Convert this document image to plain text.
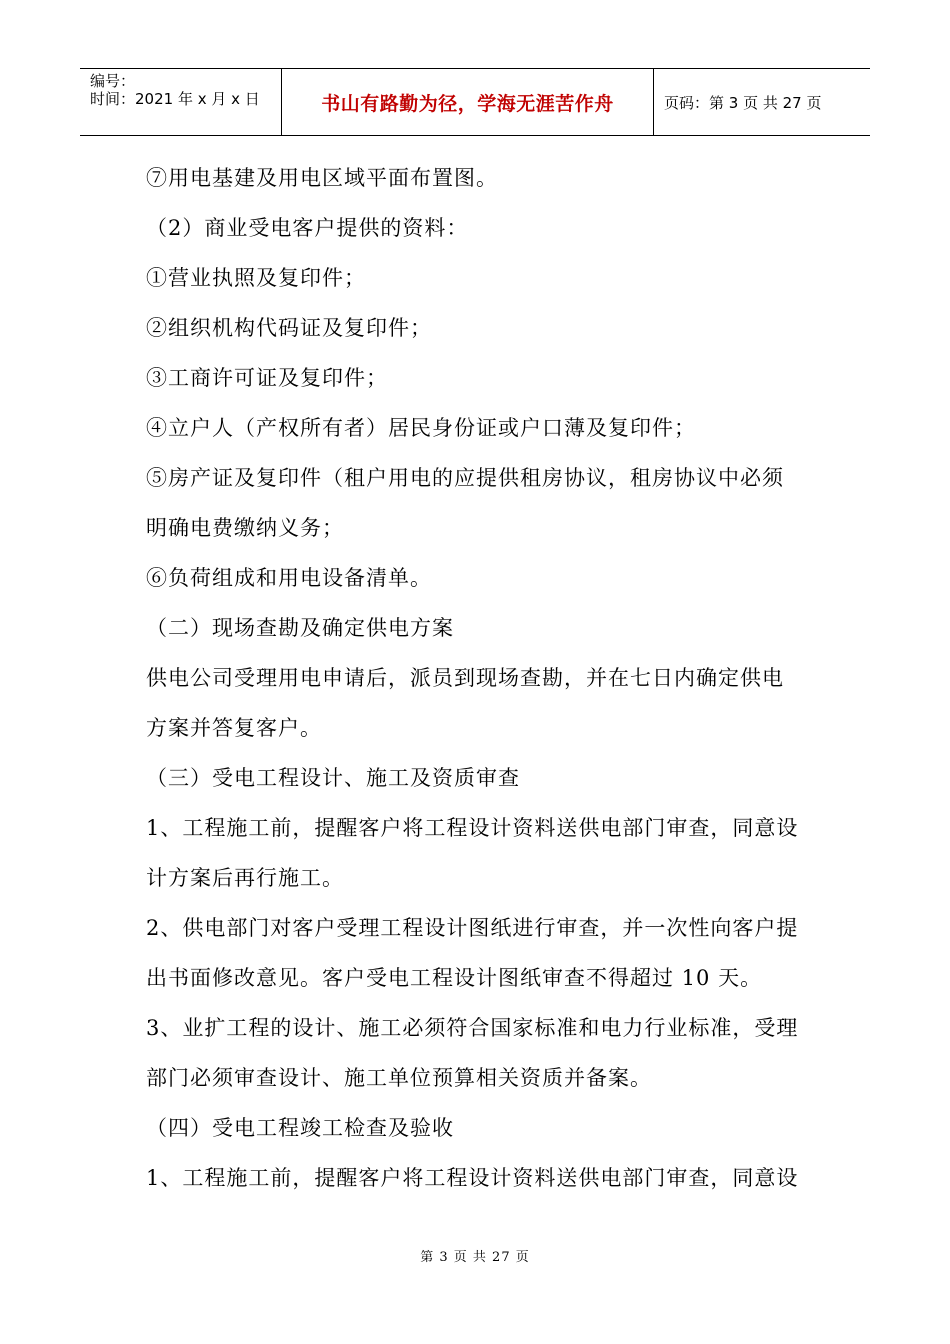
编号：
时间：2021 年 x 月 x 日	书山有路勤为径，学海无涯苦作舟	页码：第 3 页 共 27 页
⑦用电基建及用电区域平面布置图。
（2）商业受电客户提供的资料：
①营业执照及复印件；
②组织机构代码证及复印件；
③工商许可证及复印件；
④立户人（产权所有者）居民身份证或户口薄及复印件；
⑤房产证及复印件（租户用电的应提供租房协议，租房协议中必须
明确电费缴纳义务；
⑥负荷组成和用电设备清单。
（二）现场查勘及确定供电方案
供电公司受理用电申请后，派员到现场查勘，并在七日内确定供电
方案并答复客户。
（三）受电工程设计、施工及资质审查
1、工程施工前，提醒客户将工程设计资料送供电部门审查，同意设
计方案后再行施工。
2、供电部门对客户受理工程设计图纸进行审查，并一次性向客户提
出书面修改意见。客户受电工程设计图纸审查不得超过 10 天。
3、业扩工程的设计、施工必须符合国家标准和电力行业标准，受理
部门必须审查设计、施工单位预算相关资质并备案。
（四）受电工程竣工检查及验收
1、工程施工前，提醒客户将工程设计资料送供电部门审查，同意设
第 3 页 共 27 页
